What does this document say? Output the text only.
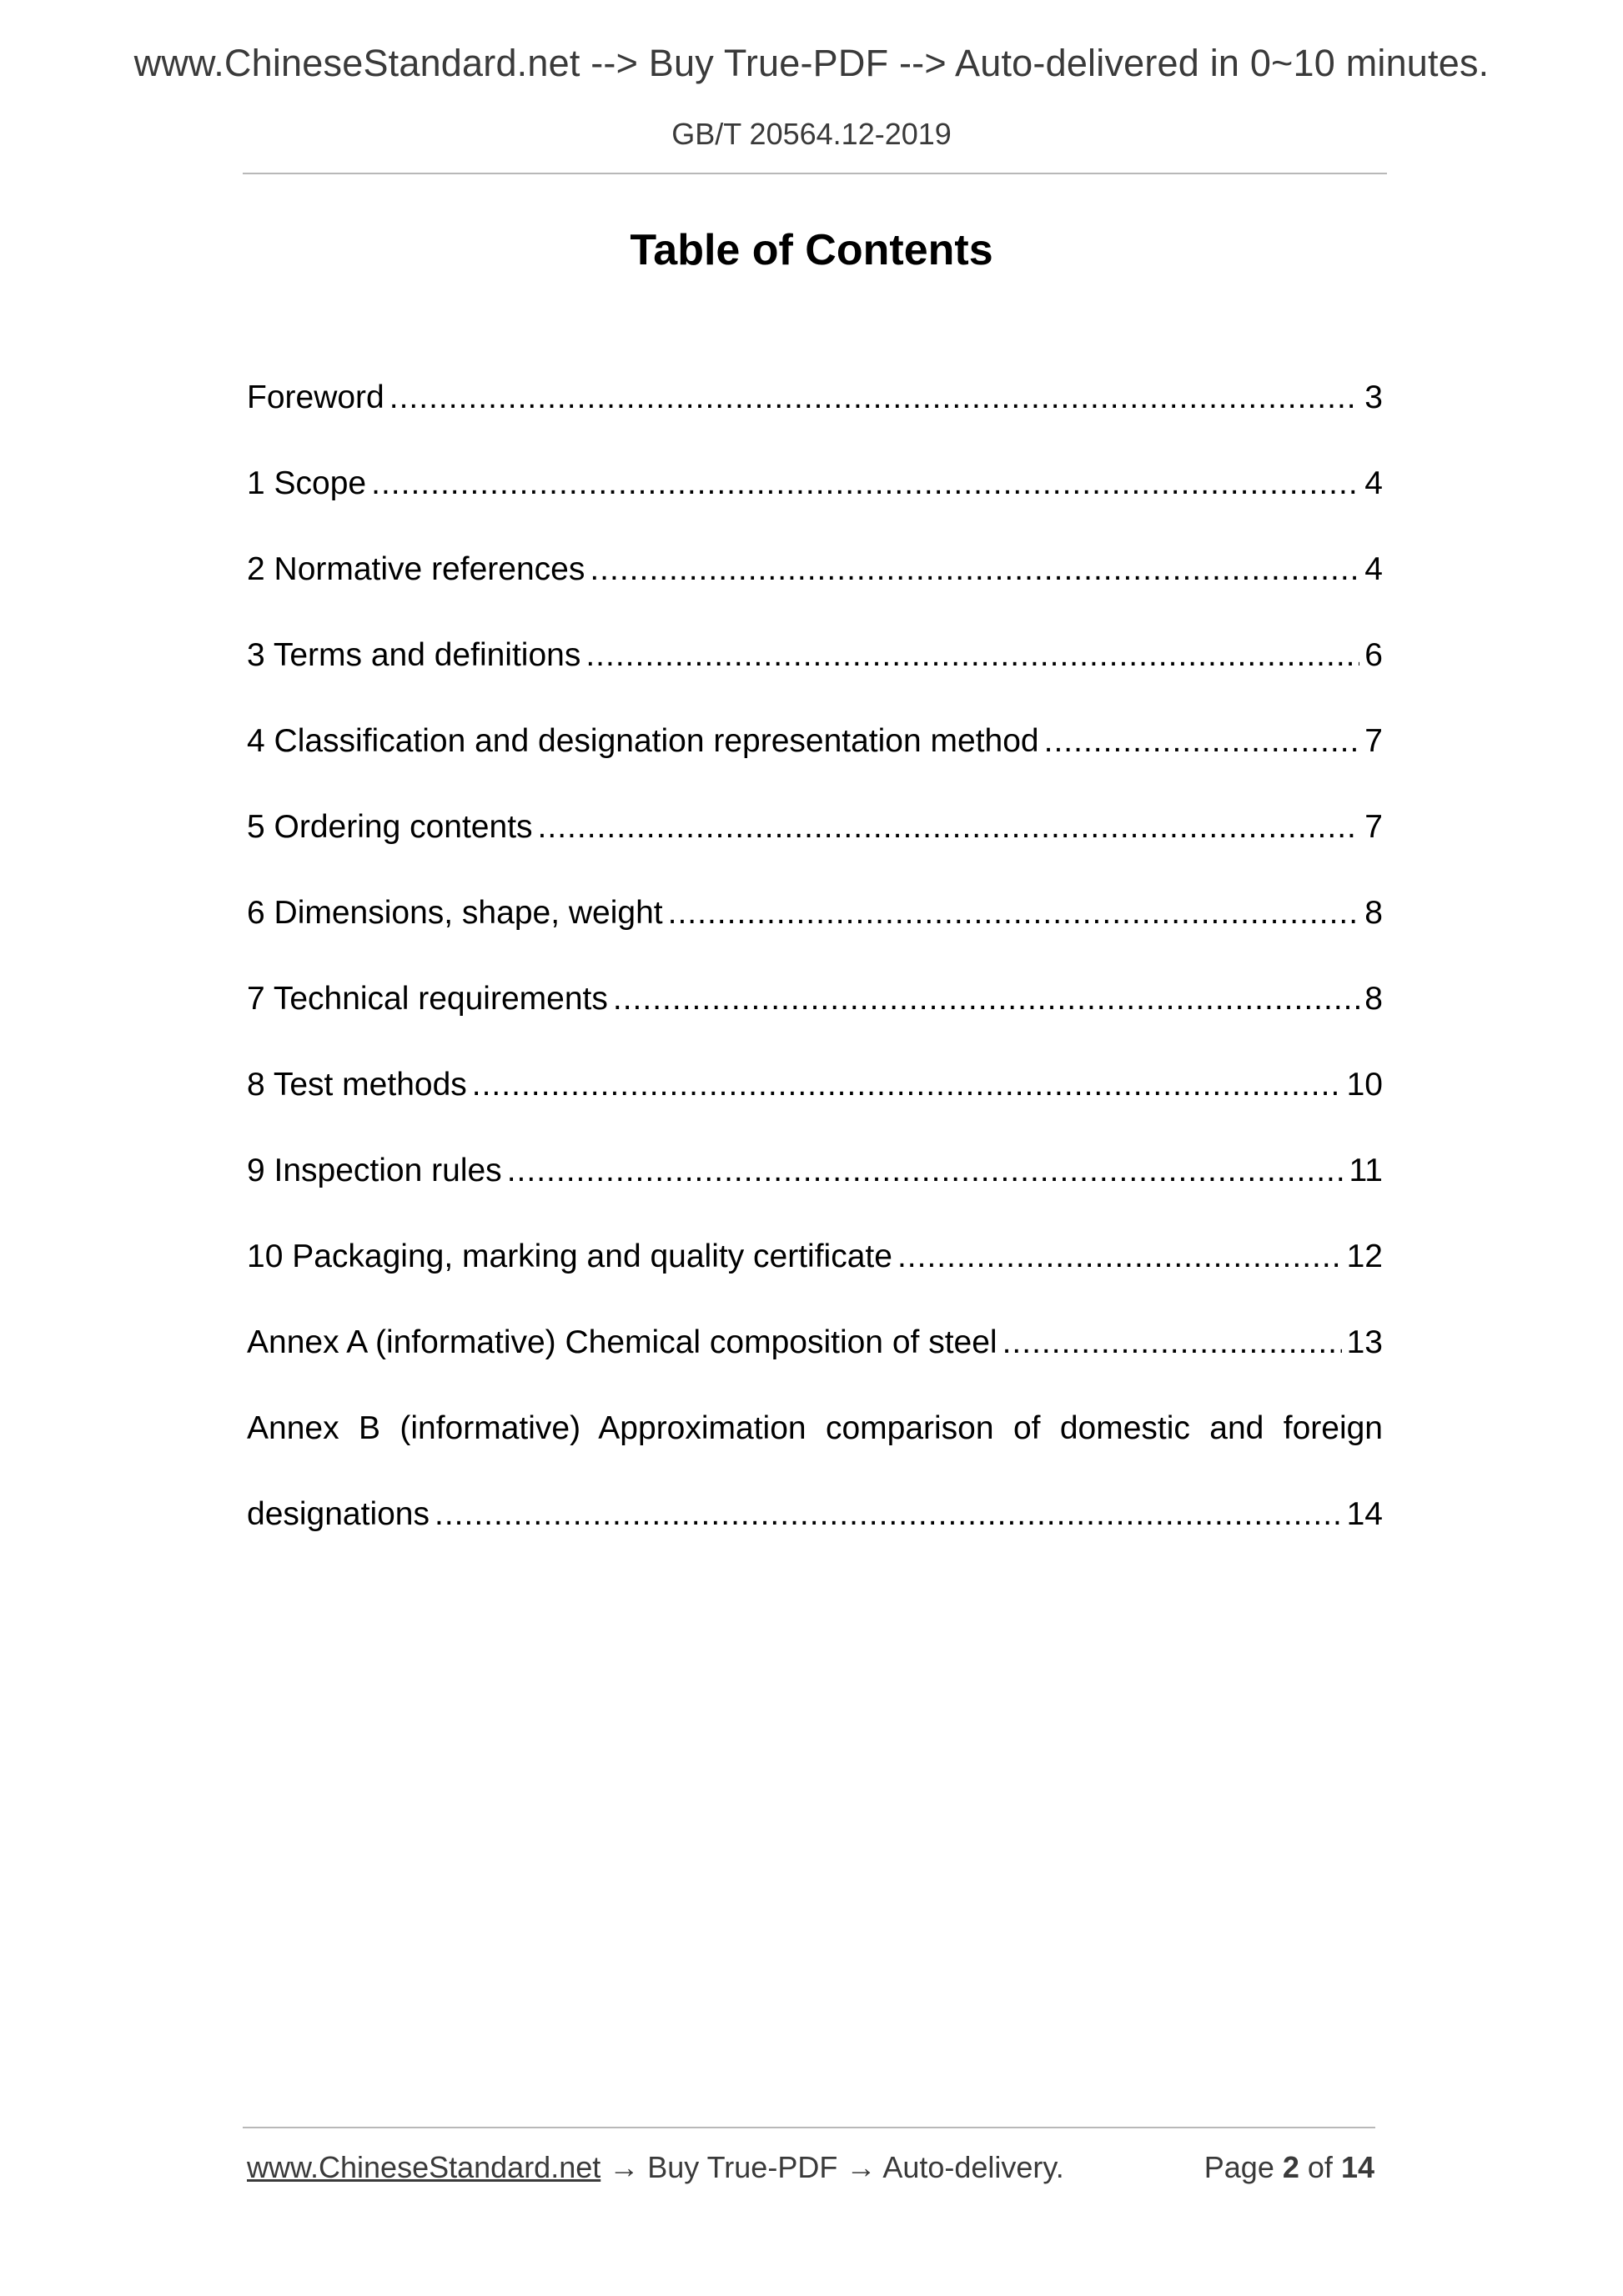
www.ChineseStandard.net --> Buy True-PDF --> Auto-delivered in 0~10 minutes.
GB/T 20564.12-2019
Table of Contents
Foreword .....	3
1 Scope .....	4
2 Normative references .....	4
3 Terms and definitions .....	6
4 Classification and designation representation method .....	7
5 Ordering contents .....	7
6 Dimensions, shape, weight .....	8
7 Technical requirements .....	8
8 Test methods .....	10
9 Inspection rules .....	11
10 Packaging, marking and quality certificate .....	12
Annex A (informative) Chemical composition of steel .....	13
Annex B (informative) Approximation comparison of domestic and foreign
designations .....	14
www.ChineseStandard.net → Buy True-PDF → Auto-delivery.	Page 2 of 14
